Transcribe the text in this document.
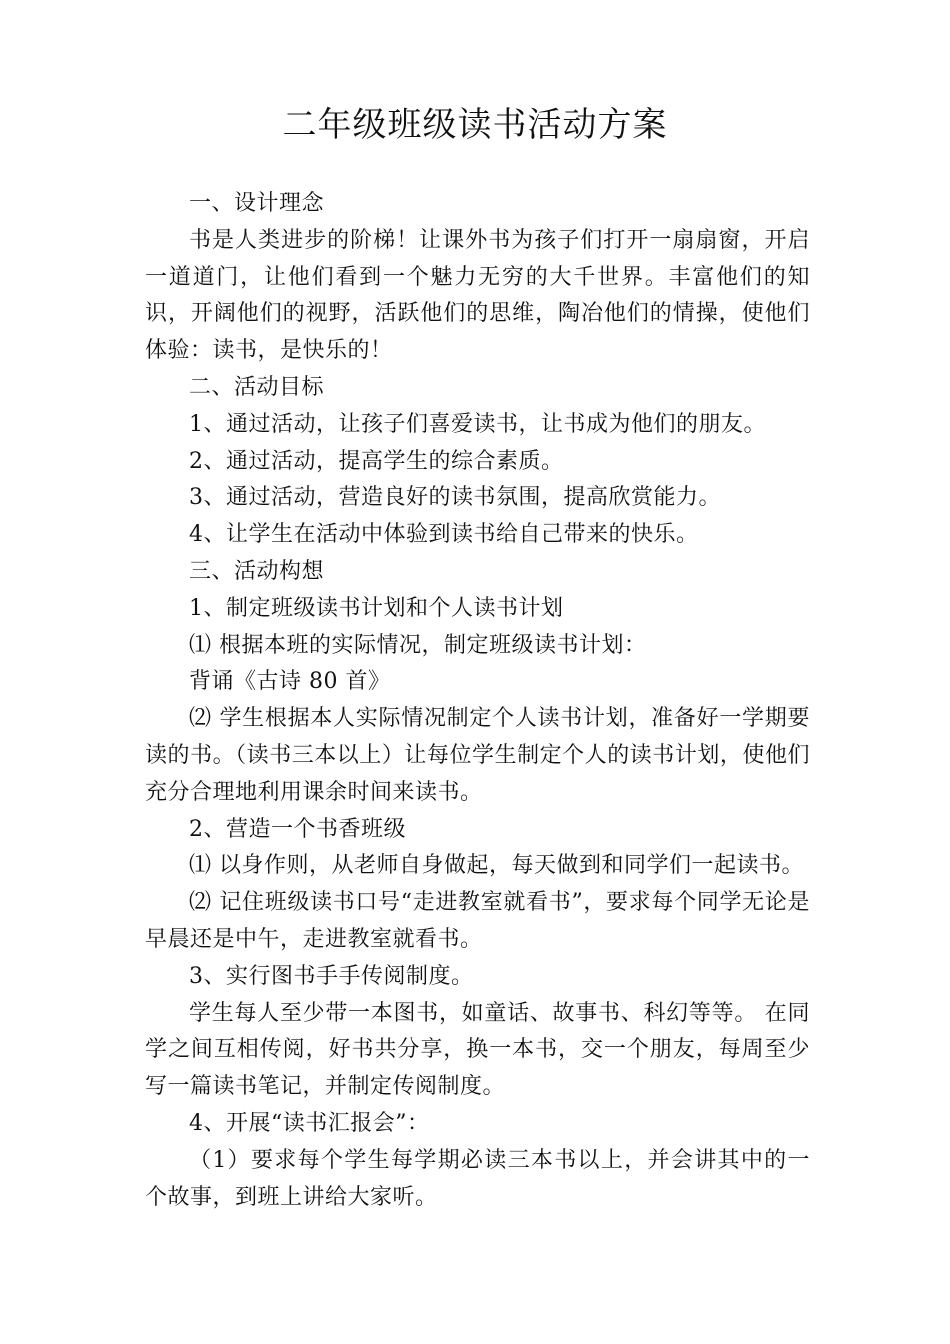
二年级班级读书活动方案

一、设计理念

书是人类进步的阶梯！让课外书为孩子们打开一扇扇窗，开启一道道门，让他们看到一个魅力无穷的大千世界。丰富他们的知识，开阔他们的视野，活跃他们的思维，陶冶他们的情操，使他们体验：读书，是快乐的！

二、活动目标

1、通过活动，让孩子们喜爱读书，让书成为他们的朋友。

2、通过活动，提高学生的综合素质。

3、通过活动，营造良好的读书氛围，提高欣赏能力。

4、让学生在活动中体验到读书给自己带来的快乐。

三、活动构想

1、制定班级读书计划和个人读书计划

⑴ 根据本班的实际情况，制定班级读书计划：

背诵《古诗 80 首》

⑵ 学生根据本人实际情况制定个人读书计划，准备好一学期要读的书。（读书三本以上）让每位学生制定个人的读书计划，使他们充分合理地利用课余时间来读书。

2、营造一个书香班级

⑴ 以身作则，从老师自身做起，每天做到和同学们一起读书。

⑵ 记住班级读书口号“走进教室就看书”，要求每个同学无论是早晨还是中午，走进教室就看书。

3、实行图书手手传阅制度。

学生每人至少带一本图书，如童话、故事书、科幻等等。 在同学之间互相传阅，好书共分享，换一本书，交一个朋友，每周至少写一篇读书笔记，并制定传阅制度。

4、开展“读书汇报会”：

（1）要求每个学生每学期必读三本书以上，并会讲其中的一个故事，到班上讲给大家听。
